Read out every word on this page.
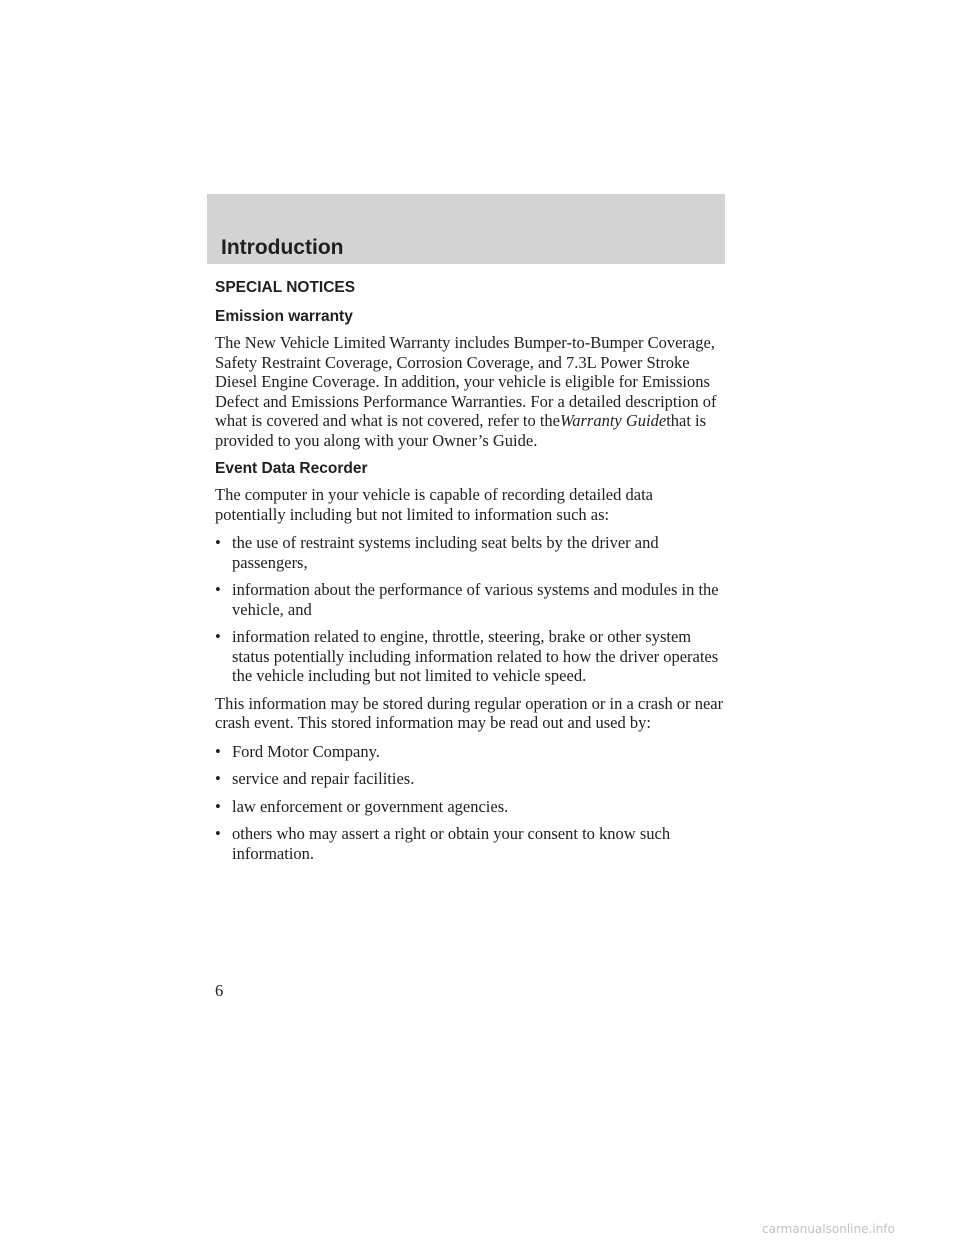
Introduction
SPECIAL NOTICES
Emission warranty

The New Vehicle Limited Warranty includes Bumper-to-Bumper Coverage, Safety Restraint Coverage, Corrosion Coverage, and 7.3L Power Stroke Diesel Engine Coverage. In addition, your vehicle is eligible for Emissions Defect and Emissions Performance Warranties. For a detailed description of what is covered and what is not covered, refer to theWarranty Guidethat is provided to you along with your Owner’s Guide.

Event Data Recorder

The computer in your vehicle is capable of recording detailed data potentially including but not limited to information such as:

• the use of restraint systems including seat belts by the driver and passengers,
• information about the performance of various systems and modules in the vehicle, and
• information related to engine, throttle, steering, brake or other system status potentially including information related to how the driver operates the vehicle including but not limited to vehicle speed.

This information may be stored during regular operation or in a crash or near crash event. This stored information may be read out and used by:

• Ford Motor Company.
• service and repair facilities.
• law enforcement or government agencies.
• others who may assert a right or obtain your consent to know such information.

6

carmanualsonline.info
